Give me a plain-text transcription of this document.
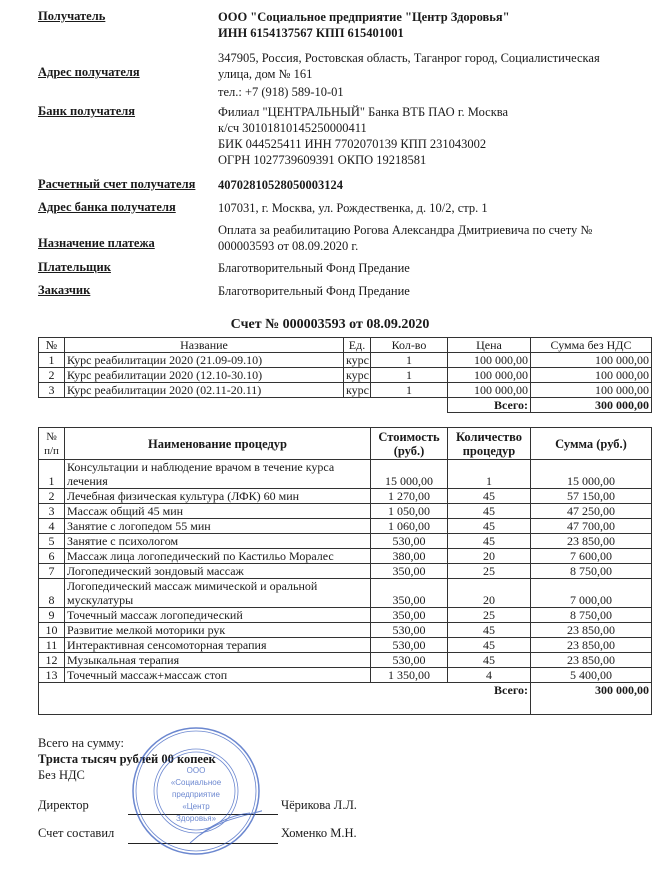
Получатель	ООО "Социальное предприятие "Центр Здоровья"
ИНН 6154137567 КПП 615401001
Адрес получателя
347905, Россия, Ростовская область, Таганрог город, Социалистическая
улица, дом № 161
тел.: +7 (918) 589-10-01
Банк получателя	Филиал "ЦЕНТРАЛЬНЫЙ" Банка ВТБ ПАО г. Москва
к/сч 30101810145250000411
БИК 044525411 ИНН 7702070139 КПП 231043002
ОГРН 1027739609391 ОКПО 19218581
Расчетный счет получателя 40702810528050003124
Адрес банка получателя	107031, г. Москва, ул. Рождественка, д. 10/2, стр. 1
Назначение платежа
Оплата за реабилитацию Рогова Александра Дмитриевича по счету №
000003593 от 08.09.2020 г.
Плательщик	Благотворительный Фонд Предание
Заказчик	Благотворительный Фонд Предание
Счет № 000003593 от 08.09.2020
№	Название	Ед.	Кол-во	Цена	Сумма без НДС
1	Курс реабилитации 2020 (21.09-09.10)	курс	1	100 000,00	100 000,00
2	Курс реабилитации 2020 (12.10-30.10)	курс	1	100 000,00	100 000,00
3	Курс реабилитации 2020 (02.11-20.11)	курс	1	100 000,00	100 000,00
				Всего:	300 000,00
№ п/п	Наименование процедур	Стоимость (руб.)	Количество процедур	Сумма (руб.)
1	Консультации и наблюдение врачом в течение курса лечения	15 000,00	1	15 000,00
2	Лечебная физическая культура (ЛФК) 60 мин	1 270,00	45	57 150,00
3	Массаж общий 45 мин	1 050,00	45	47 250,00
4	Занятие с логопедом 55 мин	1 060,00	45	47 700,00
5	Занятие с психологом	530,00	45	23 850,00
6	Массаж лица логопедический по Кастильо Моралес	380,00	20	7 600,00
7	Логопедический зондовый массаж	350,00	25	8 750,00
8	Логопедический массаж мимической и оральной мускулатуры	350,00	20	7 000,00
9	Точечный массаж логопедический	350,00	25	8 750,00
10	Развитие мелкой моторики рук	530,00	45	23 850,00
11	Интерактивная сенсомоторная терапия	530,00	45	23 850,00
12	Музыкальная терапия	530,00	45	23 850,00
13	Точечный массаж+массаж стоп	1 350,00	4	5 400,00
Всего:				300 000,00
Всего на сумму:
Триста тысяч рублей 00 копеек
Без НДС
Директор	Чёрикова Л.Л.
Счет составил	Хоменко М.Н.
ООО
«Социальное
предприятие
«Центр
Здоровья»
